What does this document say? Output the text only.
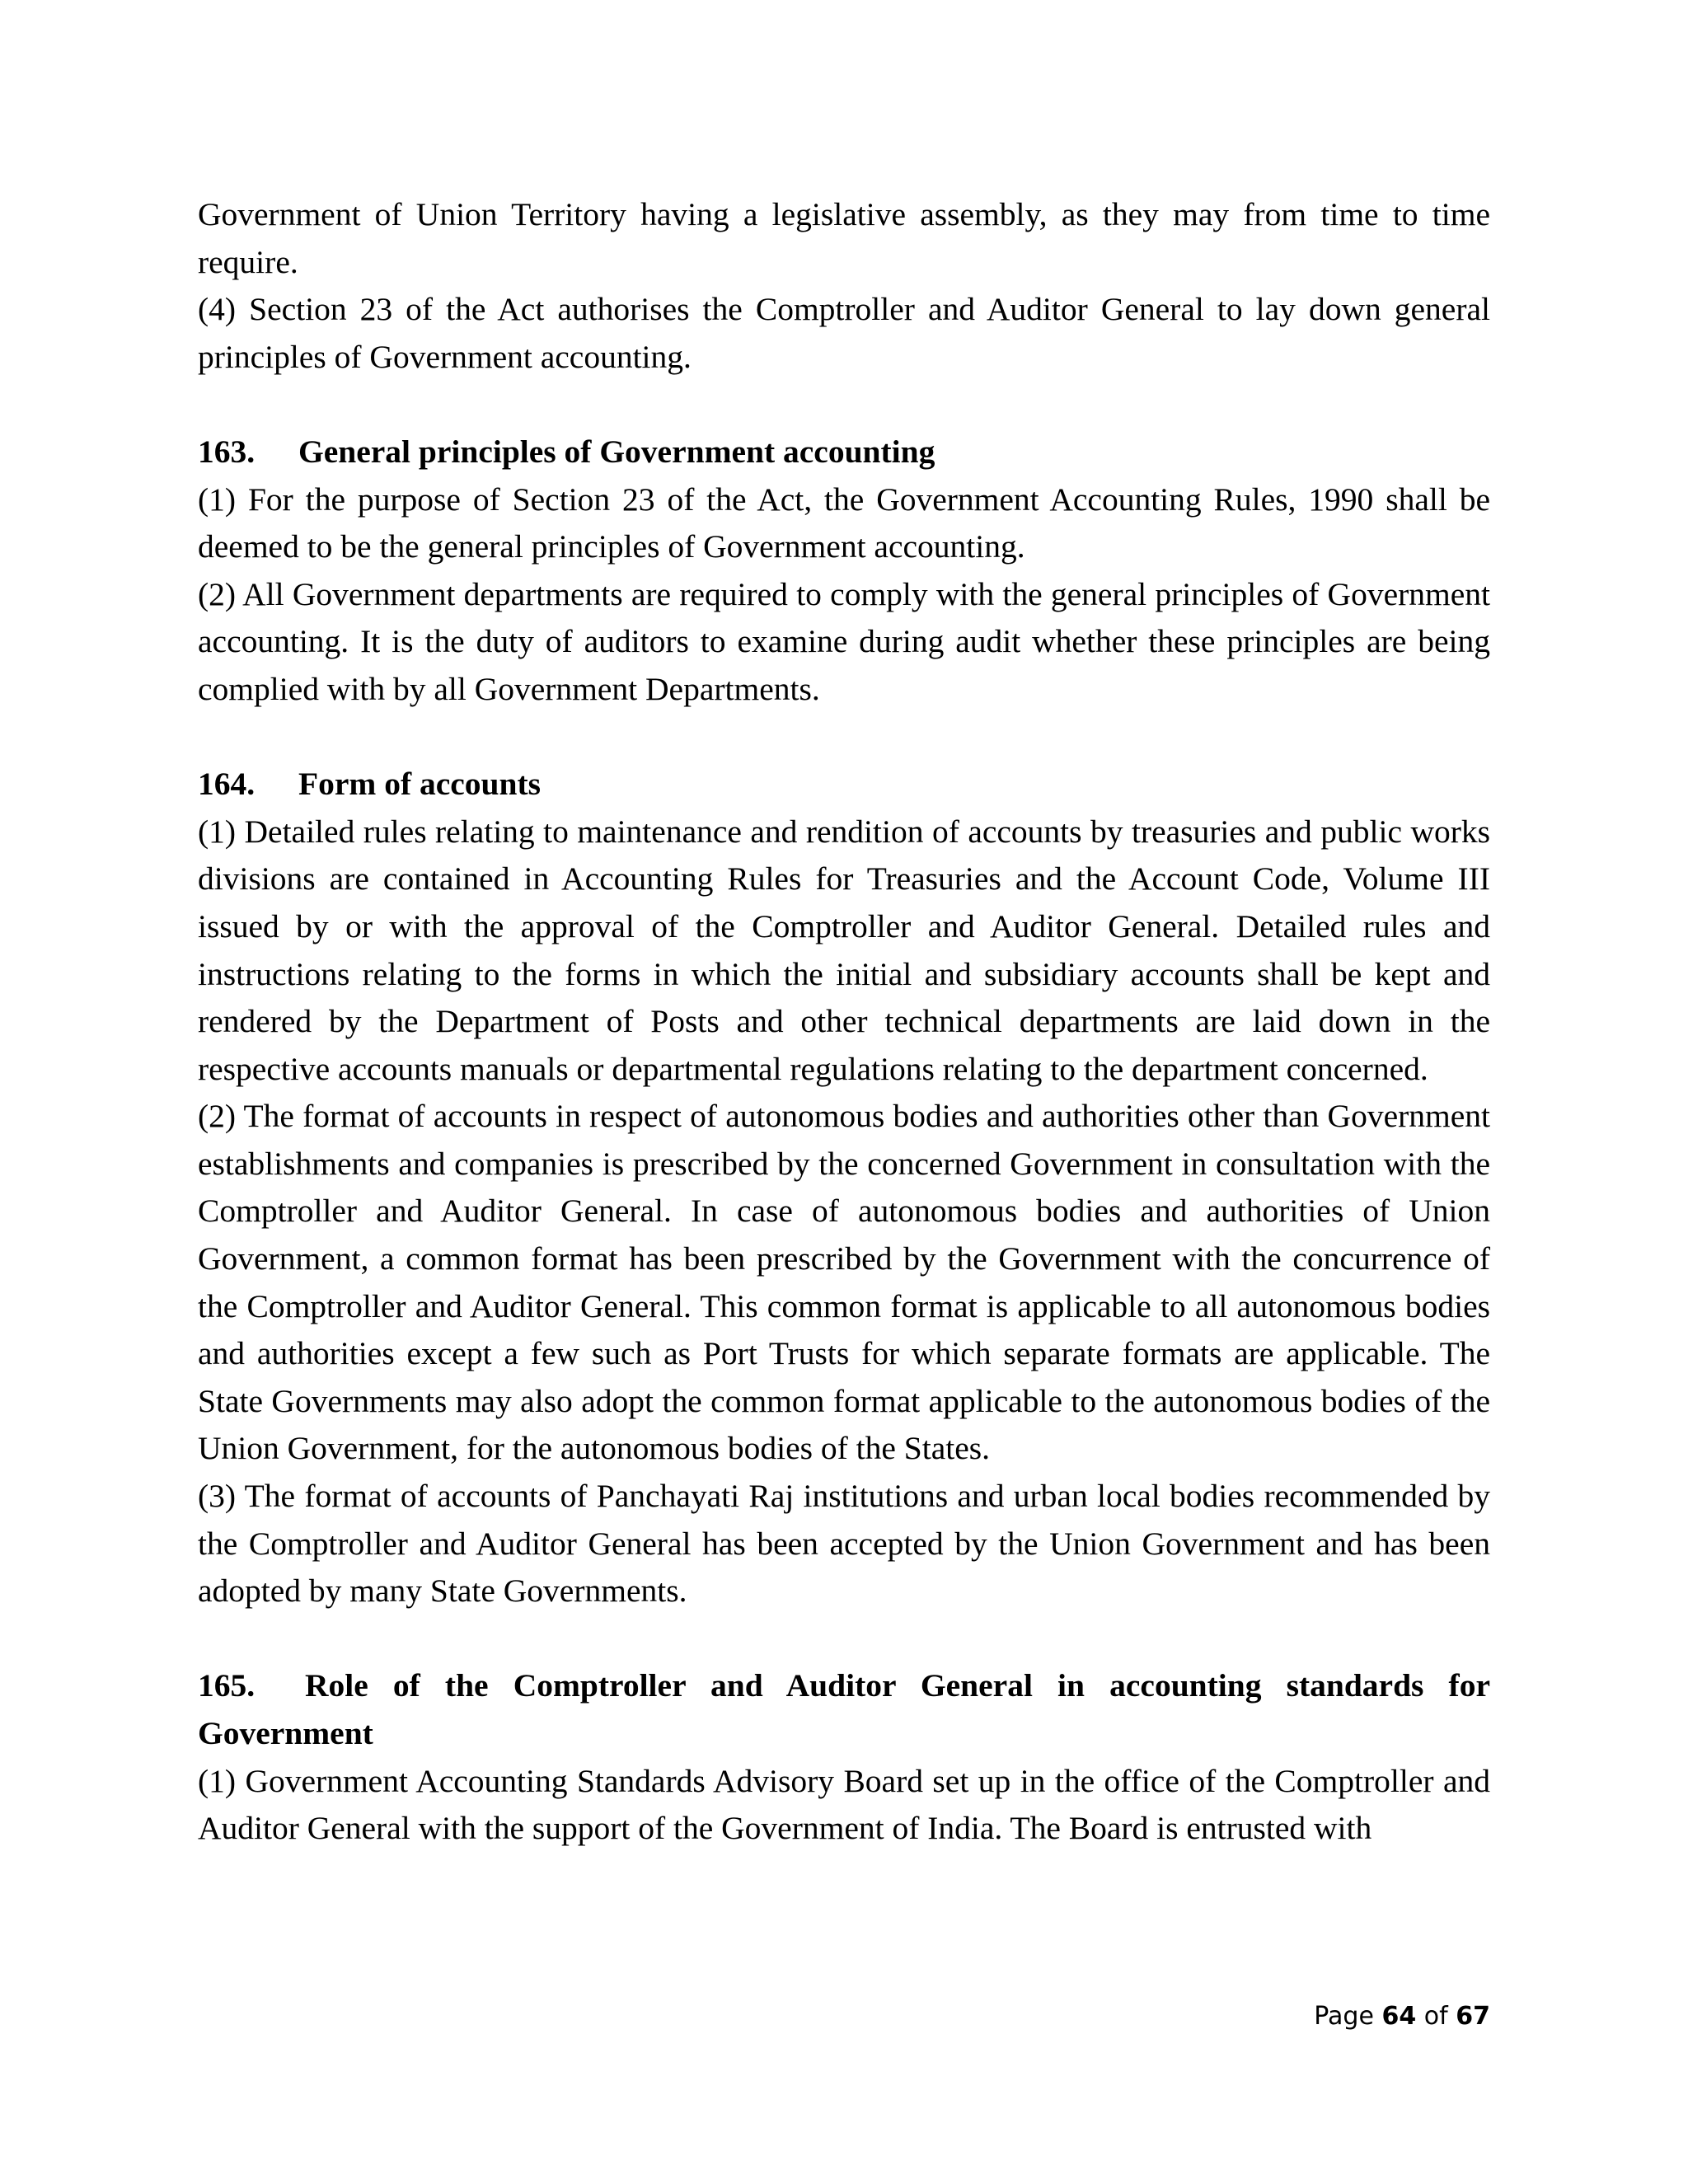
Government of Union Territory having a legislative assembly, as they may from time to time require.

(4) Section 23 of the Act authorises the Comptroller and Auditor General to lay down general principles of Government accounting.

163. General principles of Government accounting

(1) For the purpose of Section 23 of the Act, the Government Accounting Rules, 1990 shall be deemed to be the general principles of Government accounting.

(2) All Government departments are required to comply with the general principles of Government accounting. It is the duty of auditors to examine during audit whether these principles are being complied with by all Government Departments.

164. Form of accounts

(1) Detailed rules relating to maintenance and rendition of accounts by treasuries and public works divisions are contained in Accounting Rules for Treasuries and the Account Code, Volume III issued by or with the approval of the Comptroller and Auditor General. Detailed rules and instructions relating to the forms in which the initial and subsidiary accounts shall be kept and rendered by the Department of Posts and other technical departments are laid down in the respective accounts manuals or departmental regulations relating to the department concerned.

(2) The format of accounts in respect of autonomous bodies and authorities other than Government establishments and companies is prescribed by the concerned Government in consultation with the Comptroller and Auditor General. In case of autonomous bodies and authorities of Union Government, a common format has been prescribed by the Government with the concurrence of the Comptroller and Auditor General. This common format is applicable to all autonomous bodies and authorities except a few such as Port Trusts for which separate formats are applicable. The State Governments may also adopt the common format applicable to the autonomous bodies of the Union Government, for the autonomous bodies of the States.

(3) The format of accounts of Panchayati Raj institutions and urban local bodies recommended by the Comptroller and Auditor General has been accepted by the Union Government and has been adopted by many State Governments.

165. Role of the Comptroller and Auditor General in accounting standards for Government

(1) Government Accounting Standards Advisory Board set up in the office of the Comptroller and Auditor General with the support of the Government of India. The Board is entrusted with

Page 64 of 67
